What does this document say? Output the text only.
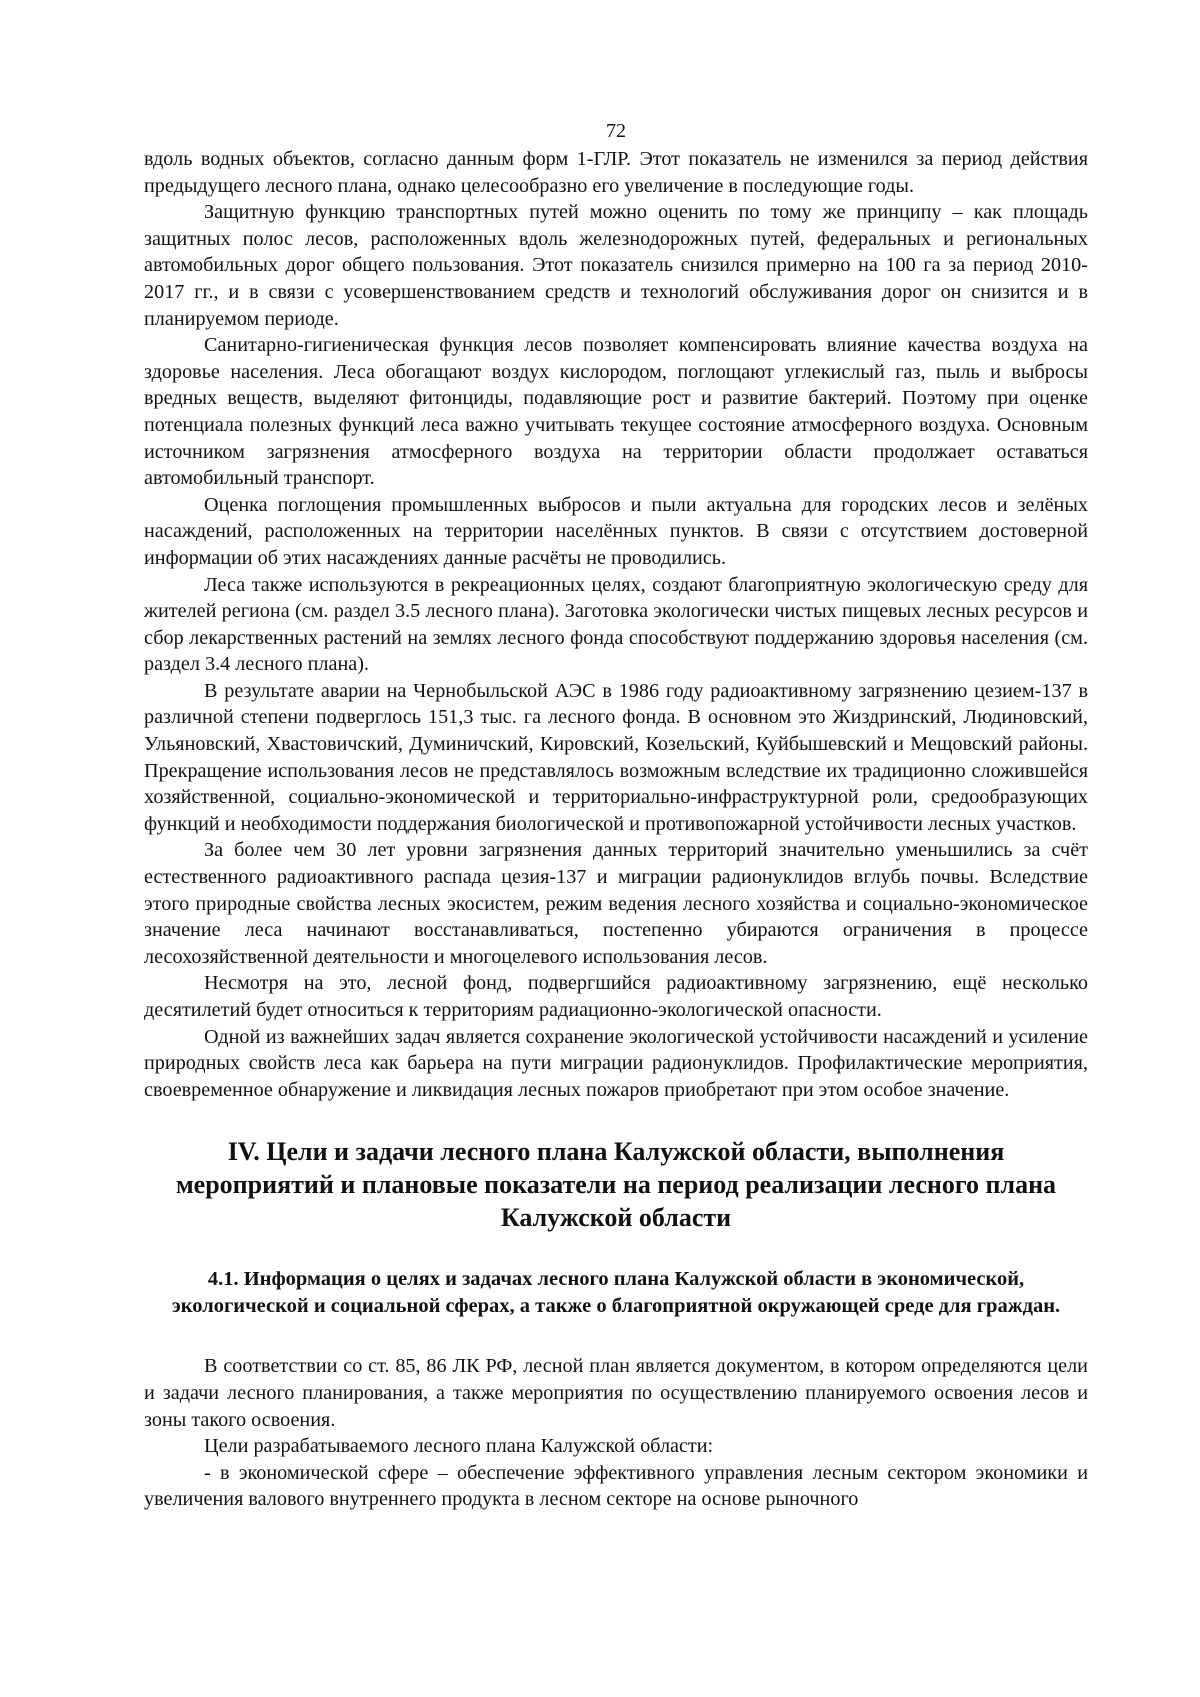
72

вдоль водных объектов, согласно данным форм 1-ГЛР. Этот показатель не изменился за период действия предыдущего лесного плана, однако целесообразно его увеличение в последующие годы.

Защитную функцию транспортных путей можно оценить по тому же принципу – как площадь защитных полос лесов, расположенных вдоль железнодорожных путей, федеральных и региональных автомобильных дорог общего пользования. Этот показатель снизился примерно на 100 га за период 2010-2017 гг., и в связи с усовершенствованием средств и технологий обслуживания дорог он снизится и в планируемом периоде.

Санитарно-гигиеническая функция лесов позволяет компенсировать влияние качества воздуха на здоровье населения. Леса обогащают воздух кислородом, поглощают углекислый газ, пыль и выбросы вредных веществ, выделяют фитонциды, подавляющие рост и развитие бактерий. Поэтому при оценке потенциала полезных функций леса важно учитывать текущее состояние атмосферного воздуха. Основным источником загрязнения атмосферного воздуха на территории области продолжает оставаться автомобильный транспорт.

Оценка поглощения промышленных выбросов и пыли актуальна для городских лесов и зелёных насаждений, расположенных на территории населённых пунктов. В связи с отсутствием достоверной информации об этих насаждениях данные расчёты не проводились.

Леса также используются в рекреационных целях, создают благоприятную экологическую среду для жителей региона (см. раздел 3.5 лесного плана). Заготовка экологически чистых пищевых лесных ресурсов и сбор лекарственных растений на землях лесного фонда способствуют поддержанию здоровья населения (см. раздел 3.4 лесного плана).

В результате аварии на Чернобыльской АЭС в 1986 году радиоактивному загрязнению цезием-137 в различной степени подверглось 151,3 тыс. га лесного фонда. В основном это Жиздринский, Людиновский, Ульяновский, Хвастовичский, Думиничский, Кировский, Козельский, Куйбышевский и Мещовский районы. Прекращение использования лесов не представлялось возможным вследствие их традиционно сложившейся хозяйственной, социально-экономической и территориально-инфраструктурной роли, средообразующих функций и необходимости поддержания биологической и противопожарной устойчивости лесных участков.

За более чем 30 лет уровни загрязнения данных территорий значительно уменьшились за счёт естественного радиоактивного распада цезия-137 и миграции радионуклидов вглубь почвы. Вследствие этого природные свойства лесных экосистем, режим ведения лесного хозяйства и социально-экономическое значение леса начинают восстанавливаться, постепенно убираются ограничения в процессе лесохозяйственной деятельности и многоцелевого использования лесов.

Несмотря на это, лесной фонд, подвергшийся радиоактивному загрязнению, ещё несколько десятилетий будет относиться к территориям радиационно-экологической опасности.

Одной из важнейших задач является сохранение экологической устойчивости насаждений и усиление природных свойств леса как барьера на пути миграции радионуклидов. Профилактические мероприятия, своевременное обнаружение и ликвидация лесных пожаров приобретают при этом особое значение.

IV. Цели и задачи лесного плана Калужской области, выполнения мероприятий и плановые показатели на период реализации лесного плана Калужской области
4.1. Информация о целях и задачах лесного плана Калужской области в экономической, экологической и социальной сферах, а также о благоприятной окружающей среде для граждан.

В соответствии со ст. 85, 86 ЛК РФ, лесной план является документом, в котором определяются цели и задачи лесного планирования, а также мероприятия по осуществлению планируемого освоения лесов и зоны такого освоения.

Цели разрабатываемого лесного плана Калужской области:

- в экономической сфере – обеспечение эффективного управления лесным сектором экономики и увеличения валового внутреннего продукта в лесном секторе на основе рыночного
